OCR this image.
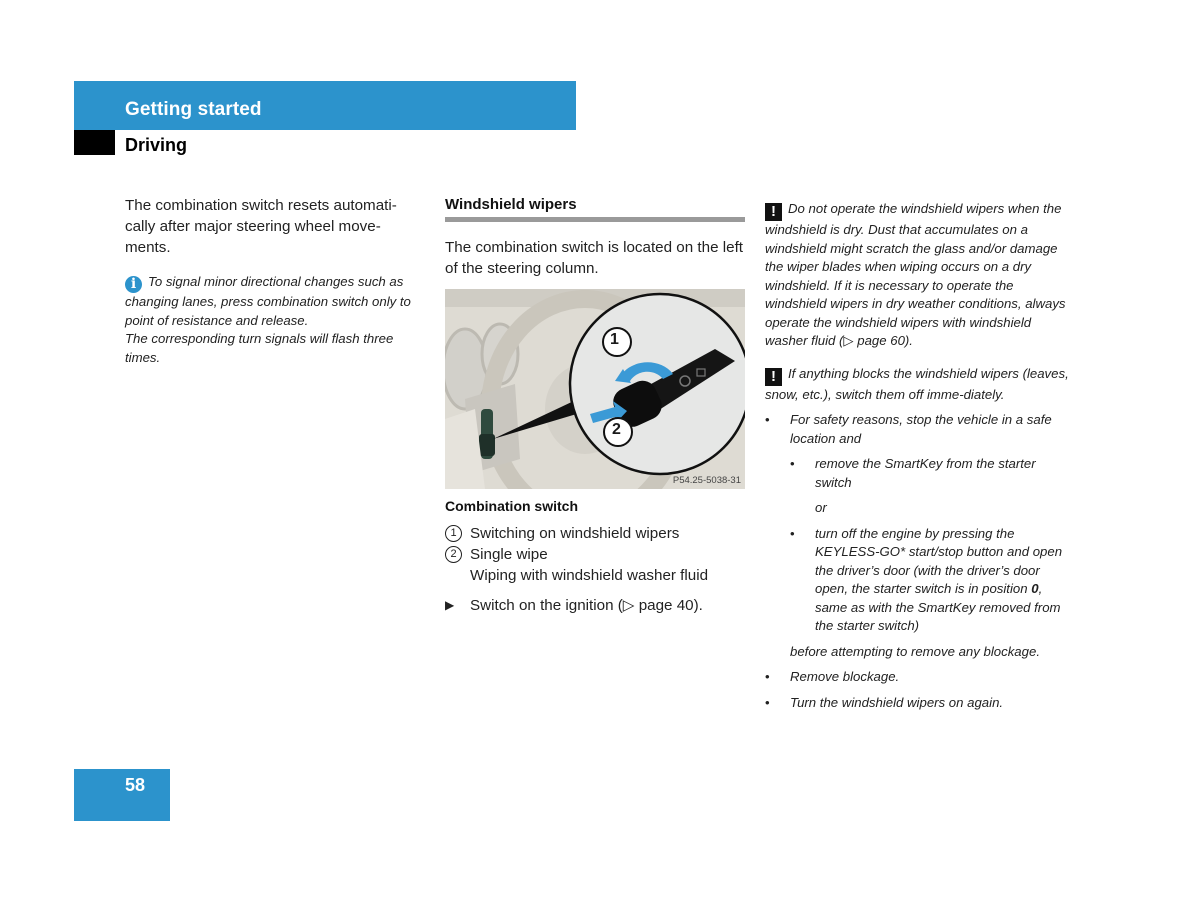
Getting started
Driving

The combination switch resets automati-cally after major steering wheel move-ments.

i To signal minor directional changes such as changing lanes, press combination switch only to point of resistance and release.

The corresponding turn signals will flash three times.

Windshield wipers

The combination switch is located on the left of the steering column.

1
2
P54.25-5038-31
Combination switch
1 Switching on windshield wipers
2 Single wipe
Wiping with windshield washer fluid
▶	Switch on the ignition (▷ page 40).

! Do not operate the windshield wipers when the windshield is dry. Dust that accumulates on a windshield might scratch the glass and/or damage the wiper blades when wiping occurs on a dry windshield. If it is necessary to operate the windshield wipers in dry weather conditions, always operate the windshield wipers with windshield washer fluid (▷ page 60).

! If anything blocks the windshield wipers (leaves, snow, etc.), switch them off imme-diately.

•	For safety reasons, stop the vehicle in a safe location and
•	remove the SmartKey from the starter switch
or
•	turn off the engine by pressing the KEYLESS-GO* start/stop button and open the driver’s door (with the driver’s door open, the starter switch is in position 0, same as with the SmartKey removed from the starter switch)
before attempting to remove any blockage.
•	Remove blockage.
•	Turn the windshield wipers on again.
58
